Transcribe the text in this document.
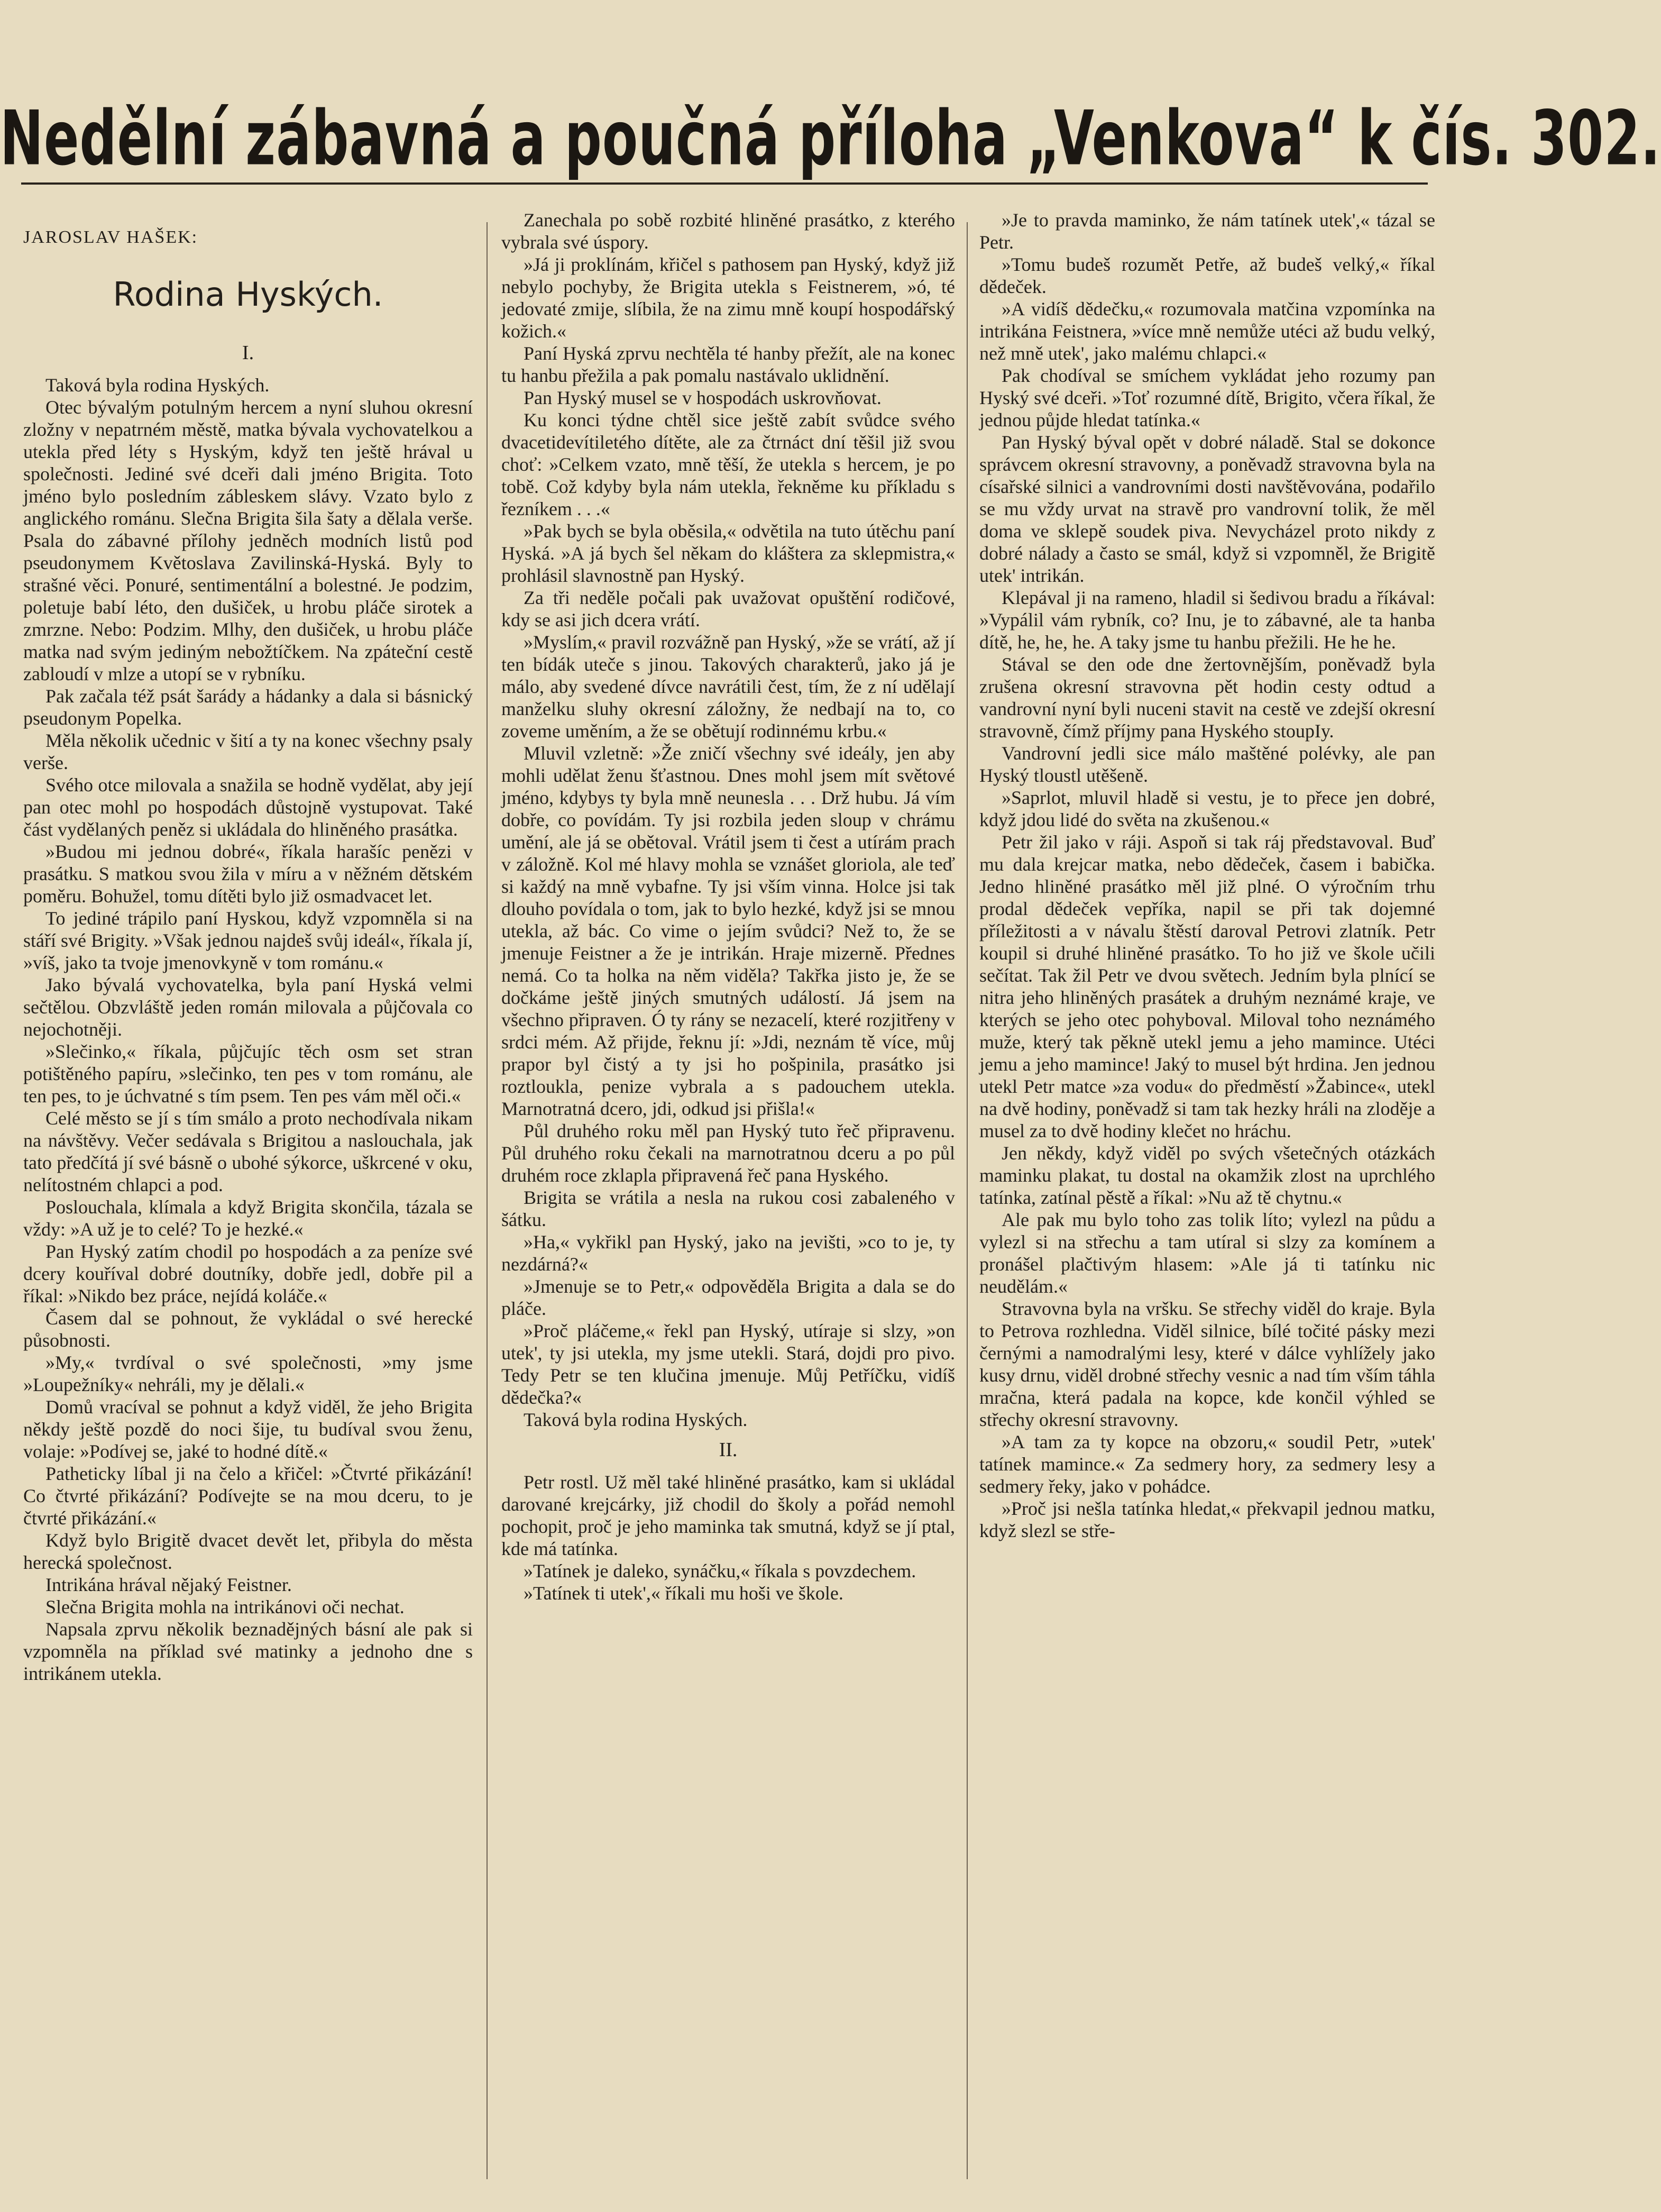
Nedělní zábavná a poučná příloha „Venkova“ k čís. 302.
JAROSLAV HAŠEK:
Rodina Hyských.
I.

Taková byla rodina Hyských.

Otec bývalým potulným hercem a nyní sluhou okresní zložny v nepatrném městě, matka bývala vychovatelkou a utekla před léty s Hyským, když ten ještě hrával u společnosti. Jediné své dceři dali jméno Brigita. Toto jméno bylo posledním zábleskem slávy. Vzato bylo z anglického románu. Slečna Brigita šila šaty a dělala verše. Psala do zábavné přílohy jedněch modních listů pod pseudonymem Květoslava Zavilinská-Hyská. Byly to strašné věci. Ponuré, sentimentální a bolestné. Je podzim, poletuje babí léto, den dušiček, u hrobu pláče sirotek a zmrzne. Nebo: Podzim. Mlhy, den dušiček, u hrobu pláče matka nad svým jediným nebožtíčkem. Na zpáteční cestě zabloudí v mlze a utopí se v rybníku.

Pak začala též psát šarády a hádanky a dala si básnický pseudonym Popelka.

Měla několik učednic v šití a ty na konec všechny psaly verše.

Svého otce milovala a snažila se hodně vydělat, aby její pan otec mohl po hospodách důstojně vystupovat. Také část vydělaných peněz si ukládala do hliněného prasátka.

»Budou mi jednou dobré«, říkala harašíc penězi v prasátku. S matkou svou žila v míru a v něžném dětském poměru. Bohužel, tomu dítěti bylo již osmadvacet let.

To jediné trápilo paní Hyskou, když vzpomněla si na stáří své Brigity. »Však jednou najdeš svůj ideál«, říkala jí, »víš, jako ta tvoje jmenovkyně v tom románu.«

Jako bývalá vychovatelka, byla paní Hyská velmi sečtělou. Obzvláště jeden román milovala a půjčovala co nejochotněji.

»Slečinko,« říkala, půjčujíc těch osm set stran potištěného papíru, »slečinko, ten pes v tom románu, ale ten pes, to je úchvatné s tím psem. Ten pes vám měl oči.«

Celé město se jí s tím smálo a proto nechodívala nikam na návštěvy. Večer sedávala s Brigitou a naslouchala, jak tato předčítá jí své básně o ubohé sýkorce, uškrcené v oku, nelítostném chlapci a pod.

Poslouchala, klímala a když Brigita skončila, tázala se vždy: »A už je to celé? To je hezké.«

Pan Hyský zatím chodil po hospodách a za peníze své dcery kouříval dobré doutníky, dobře jedl, dobře pil a říkal: »Nikdo bez práce, nejídá koláče.«

Časem dal se pohnout, že vykládal o své herecké působnosti.

»My,« tvrdíval o své společnosti, »my jsme »Loupežníky« nehráli, my je dělali.«

Domů vracíval se pohnut a když viděl, že jeho Brigita někdy ještě pozdě do noci šije, tu budíval svou ženu, volaje: »Podívej se, jaké to hodné dítě.«

Patheticky líbal ji na čelo a křičel: »Čtvrté přikázání! Co čtvrté přikázání? Podívejte se na mou dceru, to je čtvrté přikázání.«

Když bylo Brigitě dvacet devět let, přibyla do města herecká společnost.

Intrikána hrával nějaký Feistner.

Slečna Brigita mohla na intrikánovi oči nechat.

Napsala zprvu několik beznadějných básní ale pak si vzpomněla na příklad své matinky a jednoho dne s intrikánem utekla.

Zanechala po sobě rozbité hliněné prasátko, z kterého vybrala své úspory.

»Já ji proklínám, křičel s pathosem pan Hyský, když již nebylo pochyby, že Brigita utekla s Feistnerem, »ó, té jedovaté zmije, slíbila, že na zimu mně koupí hospodářský kožich.«

Paní Hyská zprvu nechtěla té hanby přežít, ale na konec tu hanbu přežila a pak pomalu nastávalo uklidnění.

Pan Hyský musel se v hospodách uskrovňovat.

Ku konci týdne chtěl sice ještě zabít svůdce svého dvacetidevítiletého dítěte, ale za čtrnáct dní těšil již svou choť: »Celkem vzato, mně těší, že utekla s hercem, je po tobě. Což kdyby byla nám utekla, řekněme ku příkladu s řezníkem . . .«

»Pak bych se byla oběsila,« odvětila na tuto útěchu paní Hyská. »A já bych šel někam do kláštera za sklepmistra,« prohlásil slavnostně pan Hyský.

Za tři neděle počali pak uvažovat opuštění rodičové, kdy se asi jich dcera vrátí.

»Myslím,« pravil rozvážně pan Hyský, »že se vrátí, až jí ten bídák uteče s jinou. Takových charakterů, jako já je málo, aby svedené dívce navrátili čest, tím, že z ní udělají manželku sluhy okresní záložny, že nedbají na to, co zovеme uměním, a že se obětují rodinnému krbu.«

Mluvil vzletně: »Že zničí všechny své ideály, jen aby mohli udělat ženu šťastnou. Dnes mohl jsem mít světové jméno, kdybys ty byla mně neunesla . . . Drž hubu. Já vím dobře, co povídám. Ty jsi rozbila jeden sloup v chrámu umění, ale já se obětoval. Vrátil jsem ti čest a utírám prach v záložně. Kol mé hlavy mohla se vznášet gloriola, ale teď si každý na mně vybafne. Ty jsi vším vinna. Holce jsi tak dlouho povídala o tom, jak to bylo hezké, když jsi se mnou utekla, až bác. Co vime o jejím svůdci? Než to, že se jmenuje Feistner a že je intrikán. Hraje mizerně. Přednes nemá. Co ta holka na něm viděla? Takřka jisto je, že se dočkáme ještě jiných smutných událostí. Já jsem na všechno připraven. Ó ty rány se nezacelí, které rozjitřeny v srdci mém. Až přijde, řeknu jí: »Jdi, neznám tě více, můj prapor byl čistý a ty jsi ho pošpinila, prasátko jsi roztloukla, penize vybrala a s padouchem utekla. Marnotratná dcero, jdi, odkud jsi přišla!«

Půl druhého roku měl pan Hyský tuto řeč připravenu. Půl druhého roku čekali na marnotratnou dceru a po půl druhém roce zklapla připravená řeč pana Hyského.

Brigita se vrátila a nesla na rukou cosi zabaleného v šátku.

»Ha,« vykřikl pan Hyský, jako na jevišti, »co to je, ty nezdárná?«

»Jmenuje se to Petr,« odpověděla Brigita a dala se do pláče.

»Proč pláčeme,« řekl pan Hyský, utíraje si slzy, »on utek', ty jsi utekla, my jsme utekli. Stará, dojdi pro pivo. Tedy Petr se ten klučina jmenuje. Můj Petříčku, vidíš dědečka?«

Taková byla rodina Hyských.

II.

Petr rostl. Už měl také hliněné prasátko, kam si ukládal darované krejcárky, již chodil do školy a pořád nemohl pochopit, proč je jeho maminka tak smutná, když se jí ptal, kde má tatínka.

»Tatínek je daleko, synáčku,« říkala s povzdechem.

»Tatínek ti utek',« říkali mu hoši ve škole.

»Je to pravda maminko, že nám tatínek utek',« tázal se Petr.

»Tomu budeš rozumět Petře, až budeš velký,« říkal dědeček.

»A vidíš dědečku,« rozumovala matčina vzpomínka na intrikána Feistnera, »více mně nemůže utéci až budu velký, než mně utek', jako malému chlapci.«

Pak chodíval se smíchem vykládat jeho rozumy pan Hyský své dceři. »Toť rozumné dítě, Brigito, včera říkal, že jednou půjde hledat tatínka.«

Pan Hyský býval opět v dobré náladě. Stal se dokonce správcem okresní stravovny, a poněvadž stravovna byla na císařské silnici a vandrovními dosti navštěvována, podařilo se mu vždy urvat na stravě pro vandrovní tolik, že měl doma ve sklepě soudek piva. Nevycházel proto nikdy z dobré nálady a často se smál, když si vzpomněl, že Brigitě utek' intrikán.

Klepával ji na rameno, hladil si šedivou bradu a říkával: »Vypálil vám rybník, co? Inu, je to zábavné, ale ta hanba dítě, he, he, he. A taky jsme tu hanbu přežili. He he he.

Stával se den ode dne žertovnějším, poněvadž byla zrušena okresní stravovna pět hodin cesty odtud a vandrovní nyní byli nuceni stavit na cestě ve zdejší okresní stravovně, čímž příjmy pana Hyského stoupIy.

Vandrovní jedli sice málo maštěné polévky, ale pan Hyský tloustl utěšeně.

»Saprlot, mluvil hladě si vestu, je to přece jen dobré, když jdou lidé do světa na zkušenou.«

Petr žil jako v ráji. Aspoň si tak ráj představoval. Buď mu dala krejcar matka, nebo dědeček, časem i babička. Jedno hliněné prasátko měl již plné. O výročním trhu prodal dědeček vepříka, napil se při tak dojemné příležitosti a v návalu štěstí daroval Petrovi zlatník. Petr koupil si druhé hliněné prasátko. To ho již ve škole učili sečítat. Tak žil Petr ve dvou světech. Jedním byla plnící se nitra jeho hliněných prasátek a druhým neznámé kraje, ve kterých se jeho otec pohyboval. Miloval toho neznámého muže, který tak pěkně utekl jemu a jeho mamince. Utéci jemu a jeho mamince! Jaký to musel být hrdina. Jen jednou utekl Petr matce »za vodu« do předměstí »Žabince«, utekl na dvě hodiny, poněvadž si tam tak hezky hráli na zloděje a musel za to dvě hodiny klečet no hráchu.

Jen někdy, když viděl po svých všetečných otázkách maminku plakat, tu dostal na okamžik zlost na uprchlého tatínka, zatínal pěstě a říkal: »Nu až tě chytnu.«

Ale pak mu bylo toho zas tolik líto; vylezl na půdu a vylezl si na střechu a tam utíral si slzy za komínem a pronášel plačtivým hlasem: »Ale já ti tatínku nic neudělám.«

Stravovna byla na vršku. Se střechy viděl do kraje. Byla to Petrova rozhledna. Viděl silnice, bílé točité pásky mezi černými a namodralými lesy, které v dálce vyhlížely jako kusy drnu, viděl drobné střechy vesnic a nad tím vším táhla mračna, která padala na kopce, kde končil výhled se střechy okresní stravovny.

»A tam za ty kopce na obzoru,« soudil Petr, »utek' tatínek mamince.« Za sedmery hory, za sedmery lesy a sedmery řeky, jako v pohádce.

»Proč jsi nešla tatínka hledat,« překvapil jednou matku, když slezl se stře-
